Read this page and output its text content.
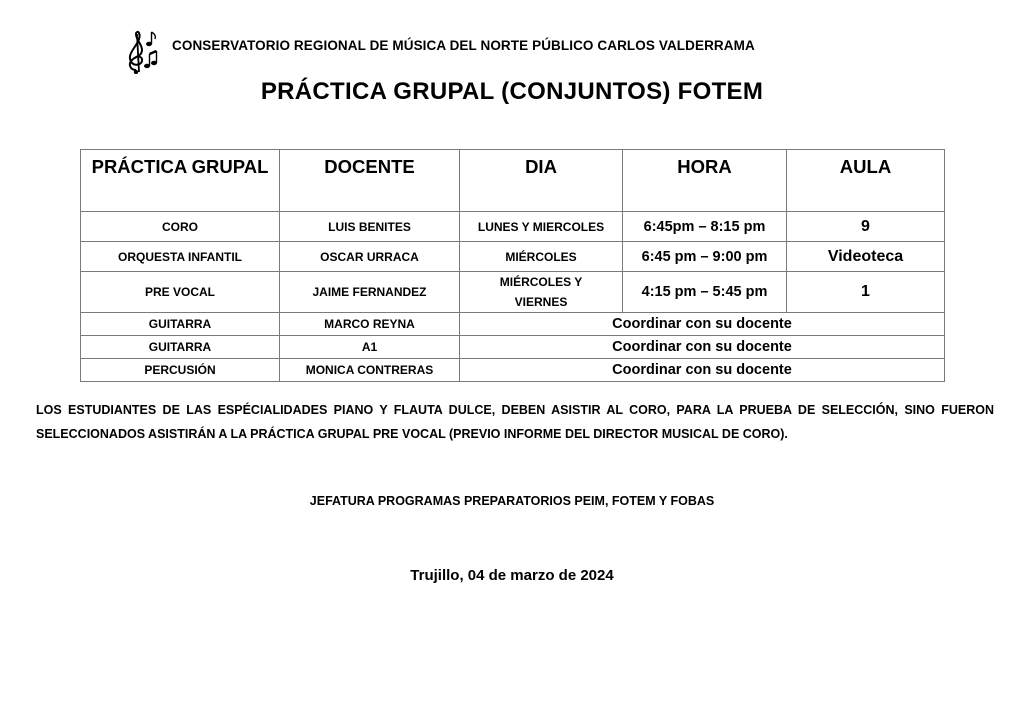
CONSERVATORIO REGIONAL DE MÚSICA DEL NORTE PÚBLICO CARLOS VALDERRAMA
PRÁCTICA GRUPAL (CONJUNTOS) FOTEM
PRÁCTICA GRUPAL	DOCENTE	DIA	HORA	AULA
CORO	LUIS BENITES	LUNES Y MIERCOLES	6:45pm – 8:15 pm	9
ORQUESTA INFANTIL	OSCAR URRACA	MIÉRCOLES	6:45 pm – 9:00 pm	Videoteca
PRE VOCAL	JAIME FERNANDEZ	MIÉRCOLES Y VIERNES	4:15 pm – 5:45 pm	1
GUITARRA	MARCO REYNA	Coordinar con su docente		
GUITARRA	A1	Coordinar con su docente		
PERCUSIÓN	MONICA CONTRERAS	Coordinar con su docente		
LOS ESTUDIANTES DE LAS ESPÉCIALIDADES PIANO Y FLAUTA DULCE, DEBEN ASISTIR AL CORO, PARA LA PRUEBA DE SELECCIÓN, SINO FUERON SELECCIONADOS ASISTIRÁN A LA PRÁCTICA GRUPAL PRE VOCAL (PREVIO INFORME DEL DIRECTOR MUSICAL DE CORO).
JEFATURA PROGRAMAS PREPARATORIOS PEIM, FOTEM Y FOBAS
Trujillo, 04 de marzo de 2024
